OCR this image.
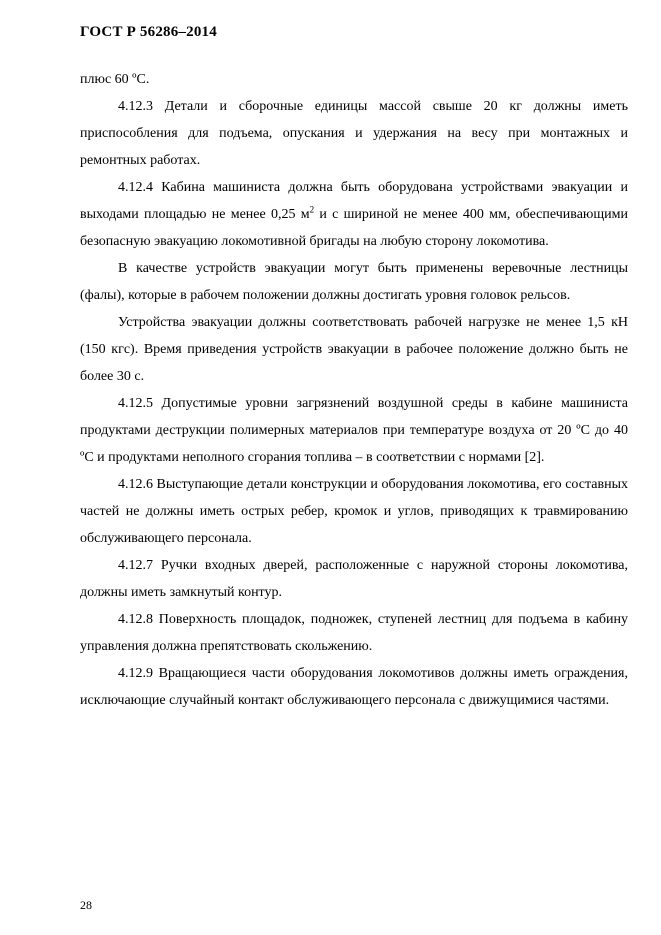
ГОСТ Р 56286–2014

плюс 60 ºС.

4.12.3 Детали и сборочные единицы массой свыше 20 кг должны иметь приспособления для подъема, опускания и удержания на весу при монтажных и ремонтных работах.

4.12.4 Кабина машиниста должна быть оборудована устройствами эвакуации и выходами площадью не менее 0,25 $м^2$ и с шириной не менее 400 мм, обеспечивающими безопасную эвакуацию локомотивной бригады на любую сторону локомотива.

В качестве устройств эвакуации могут быть применены веревочные лестницы (фалы), которые в рабочем положении должны достигать уровня головок рельсов.

Устройства эвакуации должны соответствовать рабочей нагрузке не менее 1,5 кН (150 кгс). Время приведения устройств эвакуации в рабочее положение должно быть не более 30 с.

4.12.5 Допустимые уровни загрязнений воздушной среды в кабине машиниста продуктами деструкции полимерных материалов при температуре воздуха от 20 ºС до 40 ºС и продуктами неполного сгорания топлива – в соответствии с нормами [2].

4.12.6 Выступающие детали конструкции и оборудования локомотива, его составных частей не должны иметь острых ребер, кромок и углов, приводящих к травмированию обслуживающего персонала.

4.12.7 Ручки входных дверей, расположенные с наружной стороны локомотива, должны иметь замкнутый контур.

4.12.8 Поверхность площадок, подножек, ступеней лестниц для подъема в кабину управления должна препятствовать скольжению.

4.12.9 Вращающиеся части оборудования локомотивов должны иметь ограждения, исключающие случайный контакт обслуживающего персонала с движущимися частями.

28
